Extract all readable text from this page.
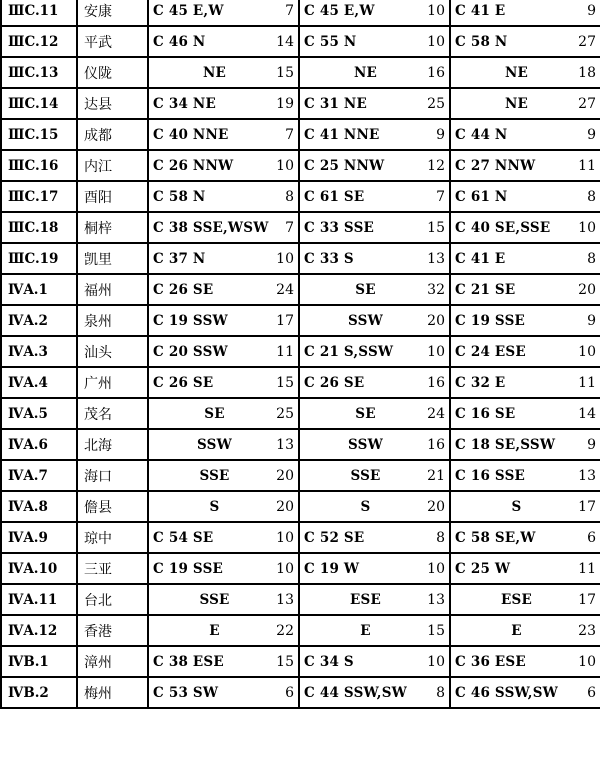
ⅢC.11	安康	C 45 E,W 7	C 45 E,W 10	C 41 E 9

ⅢC.12	平武	C 46 N 14	C 55 N 10	C 58 N 27

ⅢC.13	仪陇	NE 15	NE 16	NE 18

ⅢC.14	达县	C 34 NE 19	C 31 NE 25	NE 27

ⅢC.15	成都	C 40 NNE 7	C 41 NNE 9	C 44 N 9

ⅢC.16	内江	C 26 NNW 10	C 25 NNW 12	C 27 NNW 11

ⅢC.17	酉阳	C 58 N 8	C 61 SE 7	C 61 N 8

ⅢC.18	桐梓	C 38 SSE,WSW 7	C 33 SSE 15	C 40 SE,SSE 10

ⅢC.19	凯里	C 37 N 10	C 33 S 13	C 41 E 8

ⅣA.1	福州	C 26 SE 24	SE 32	C 21 SE 20

ⅣA.2	泉州	C 19 SSW 17	SSW 20	C 19 SSE 9

ⅣA.3	汕头	C 20 SSW 11	C 21 S,SSW 10	C 24 ESE 10

ⅣA.4	广州	C 26 SE 15	C 26 SE 16	C 32 E 11

ⅣA.5	茂名	SE 25	SE 24	C 16 SE 14

ⅣA.6	北海	SSW 13	SSW 16	C 18 SE,SSW 9

ⅣA.7	海口	SSE 20	SSE 21	C 16 SSE 13

ⅣA.8	儋县	S 20	S 20	S 17

ⅣA.9	琼中	C 54 SE 10	C 52 SE 8	C 58 SE,W 6

ⅣA.10	三亚	C 19 SSE 10	C 19 W 10	C 25 W 11

ⅣA.11	台北	SSE 13	ESE 13	ESE 17

ⅣA.12	香港	E 22	E 15	E 23

ⅣB.1	漳州	C 38 ESE 15	C 34 S 10	C 36 ESE 10

ⅣB.2	梅州	C 53 SW 6	C 44 SSW,SW 8	C 46 SSW,SW 6
